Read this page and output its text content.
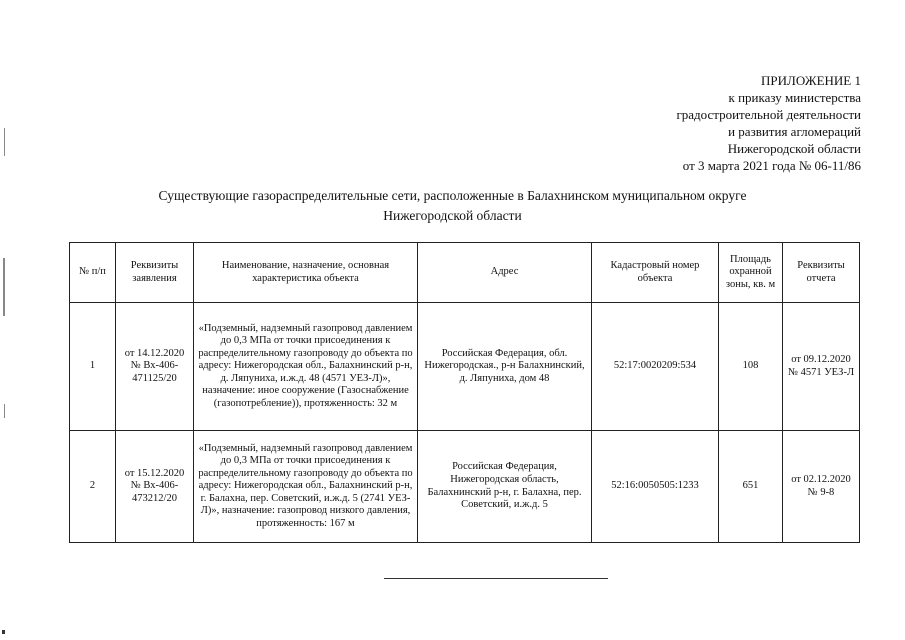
ПРИЛОЖЕНИЕ 1
к приказу министерства
градостроительной деятельности
и развития агломераций
Нижегородской области
от 3 марта 2021 года № 06-11/86
Существующие газораспределительные сети, расположенные в Балахнинском муниципальном округе
Нижегородской области
№ п/п	Реквизиты заявления	Наименование, назначение, основная характеристика объекта	Адрес	Кадастровый номер объекта	Площадь охранной зоны, кв. м	Реквизиты отчета
1	от 14.12.2020 № Вх-406-471125/20	«Подземный, надземный газопровод давлением до 0,3 МПа от точки присоединения к распределительному газопроводу до объекта по адресу: Нижегородская обл., Балахнинский р-н, д. Ляпуниха, и.ж.д. 48 (4571 УЕЗ-Л)», назначение: иное сооружение (Газоснабжение (газопотребление)), протяженность: 32 м	Российская Федерация, обл. Нижегородская., р-н Балахнинский, д. Ляпуниха, дом 48	52:17:0020209:534	108	от 09.12.2020 № 4571 УЕЗ-Л
2	от 15.12.2020 № Вх-406-473212/20	«Подземный, надземный газопровод давлением до 0,3 МПа от точки присоединения к распределительному газопроводу до объекта по адресу: Нижегородская обл., Балахнинский р-н, г. Балахна, пер. Советский, и.ж.д. 5 (2741 УЕЗ-Л)», назначение: газопровод низкого давления, протяженность: 167 м	Российская Федерация, Нижегородская область, Балахнинский р-н, г. Балахна, пер. Советский, и.ж.д. 5	52:16:0050505:1233	651	от 02.12.2020 № 9-8
